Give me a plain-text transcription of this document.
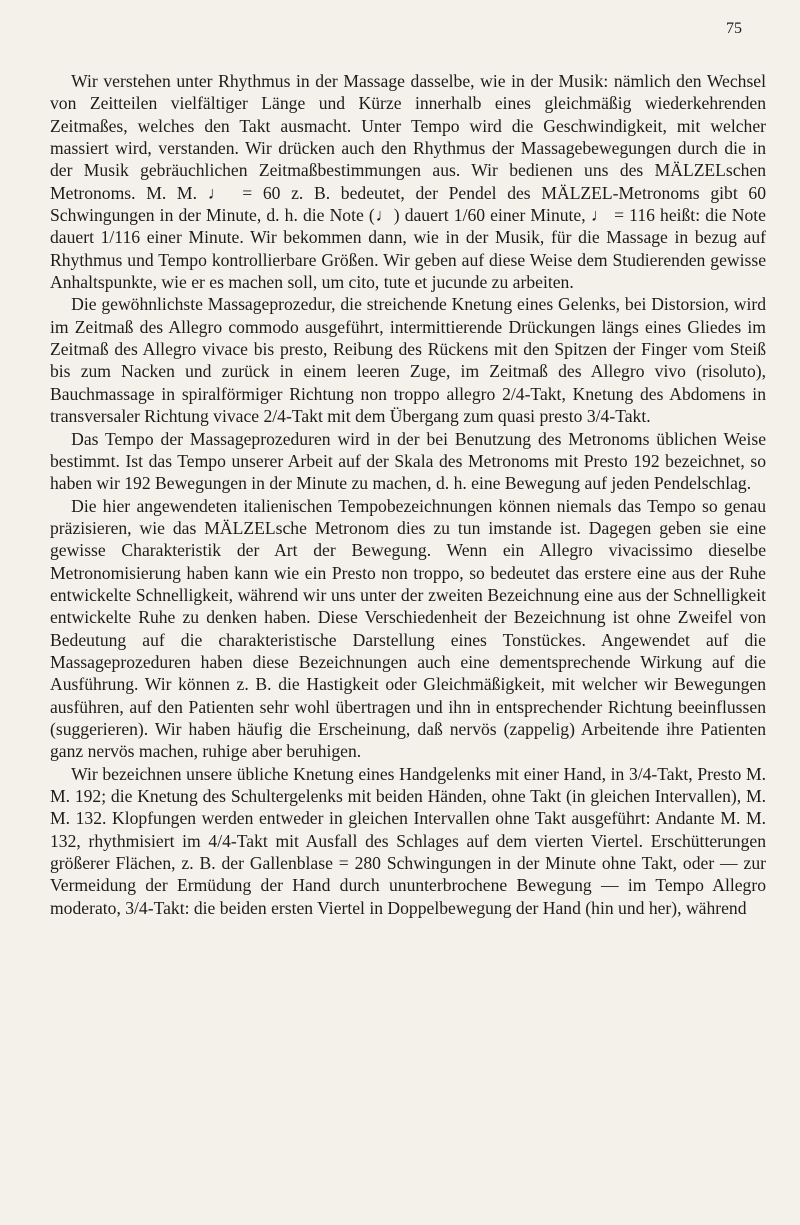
75

Wir verstehen unter Rhythmus in der Massage dasselbe, wie in der Musik: nämlich den Wechsel von Zeitteilen vielfältiger Länge und Kürze innerhalb eines gleichmäßig wiederkehrenden Zeitmaßes, welches den Takt ausmacht. Unter Tempo wird die Geschwindigkeit, mit welcher massiert wird, verstanden. Wir drücken auch den Rhythmus der Massagebewegungen durch die in der Musik gebräuchlichen Zeitmaßbestimmungen aus. Wir bedienen uns des MÄLZELschen Metronoms. M. M. ♩ = 60 z. B. bedeutet, der Pendel des MÄLZEL-Metronoms gibt 60 Schwingungen in der Minute, d. h. die Note (♩) dauert 1/60 einer Minute, ♩ = 116 heißt: die Note dauert 1/116 einer Minute. Wir bekommen dann, wie in der Musik, für die Massage in bezug auf Rhythmus und Tempo kontrollierbare Größen. Wir geben auf diese Weise dem Studierenden gewisse Anhaltspunkte, wie er es machen soll, um cito, tute et jucunde zu arbeiten.

Die gewöhnlichste Massageprozedur, die streichende Knetung eines Gelenks, bei Distorsion, wird im Zeitmaß des Allegro commodo ausgeführt, intermittierende Drückungen längs eines Gliedes im Zeitmaß des Allegro vivace bis presto, Reibung des Rückens mit den Spitzen der Finger vom Steiß bis zum Nacken und zurück in einem leeren Zuge, im Zeitmaß des Allegro vivo (risoluto), Bauchmassage in spiralförmiger Richtung non troppo allegro 2/4-Takt, Knetung des Abdomens in transversaler Richtung vivace 2/4-Takt mit dem Übergang zum quasi presto 3/4-Takt.

Das Tempo der Massageprozeduren wird in der bei Benutzung des Metronoms üblichen Weise bestimmt. Ist das Tempo unserer Arbeit auf der Skala des Metronoms mit Presto 192 bezeichnet, so haben wir 192 Bewegungen in der Minute zu machen, d. h. eine Bewegung auf jeden Pendelschlag.

Die hier angewendeten italienischen Tempobezeichnungen können niemals das Tempo so genau präzisieren, wie das MÄLZELsche Metronom dies zu tun imstande ist. Dagegen geben sie eine gewisse Charakteristik der Art der Bewegung. Wenn ein Allegro vivacissimo dieselbe Metronomisierung haben kann wie ein Presto non troppo, so bedeutet das erstere eine aus der Ruhe entwickelte Schnelligkeit, während wir uns unter der zweiten Bezeichnung eine aus der Schnelligkeit entwickelte Ruhe zu denken haben. Diese Verschiedenheit der Bezeichnung ist ohne Zweifel von Bedeutung auf die charakteristische Darstellung eines Tonstückes. Angewendet auf die Massageprozeduren haben diese Bezeichnungen auch eine dementsprechende Wirkung auf die Ausführung. Wir können z. B. die Hastigkeit oder Gleichmäßigkeit, mit welcher wir Bewegungen ausführen, auf den Patienten sehr wohl übertragen und ihn in entsprechender Richtung beeinflussen (suggerieren). Wir haben häufig die Erscheinung, daß nervös (zappelig) Arbeitende ihre Patienten ganz nervös machen, ruhige aber beruhigen.

Wir bezeichnen unsere übliche Knetung eines Handgelenks mit einer Hand, in 3/4-Takt, Presto M. M. 192; die Knetung des Schultergelenks mit beiden Händen, ohne Takt (in gleichen Intervallen), M. M. 132. Klopfungen werden entweder in gleichen Intervallen ohne Takt ausgeführt: Andante M. M. 132, rhythmisiert im 4/4-Takt mit Ausfall des Schlages auf dem vierten Viertel. Erschütterungen größerer Flächen, z. B. der Gallenblase = 280 Schwingungen in der Minute ohne Takt, oder — zur Vermeidung der Ermüdung der Hand durch ununterbrochene Bewegung — im Tempo Allegro moderato, 3/4-Takt: die beiden ersten Viertel in Doppelbewegung der Hand (hin und her), während
